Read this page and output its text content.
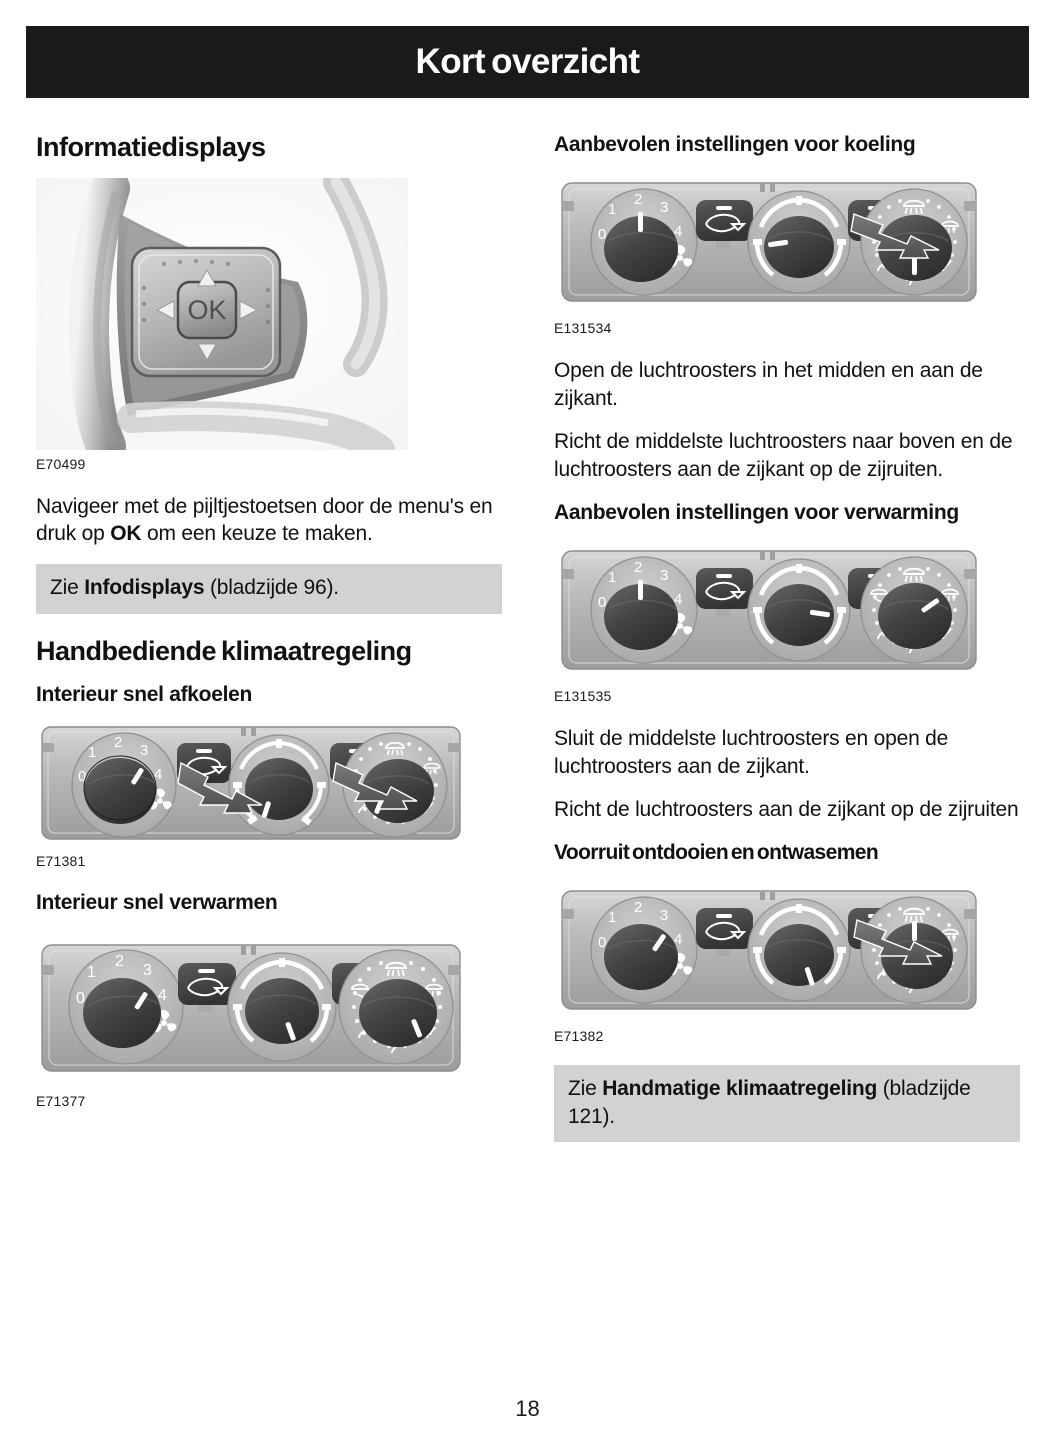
Kort overzicht
Informatiedisplays
OK
E70499

Navigeer met de pijltjestoetsen door de menu's en druk op OK om een keuze te maken.

Zie Infodisplays (bladzijde 96).
Handbediende klimaatregeling
Interieur snel afkoelen
0
1
2 3
4
E71381
Interieur snel verwarmen
0
1
2
3
4
E71377
Aanbevolen instellingen voor koeling
0
1
2 3
4
E131534

Open de luchtroosters in het midden en aan de zijkant.

Richt de middelste luchtroosters naar boven en de luchtroosters aan de zijkant op de zijruiten.

Aanbevolen instellingen voor verwarming
0
1
2 3
4
E131535

Sluit de middelste luchtroosters en open de luchtroosters aan de zijkant.

Richt de luchtroosters aan de zijkant op de zijruiten

Voorruit ontdooien en ontwasemen
0
1
2 3
4
E71382
Zie Handmatige klimaatregeling (bladzijde 121).
18
